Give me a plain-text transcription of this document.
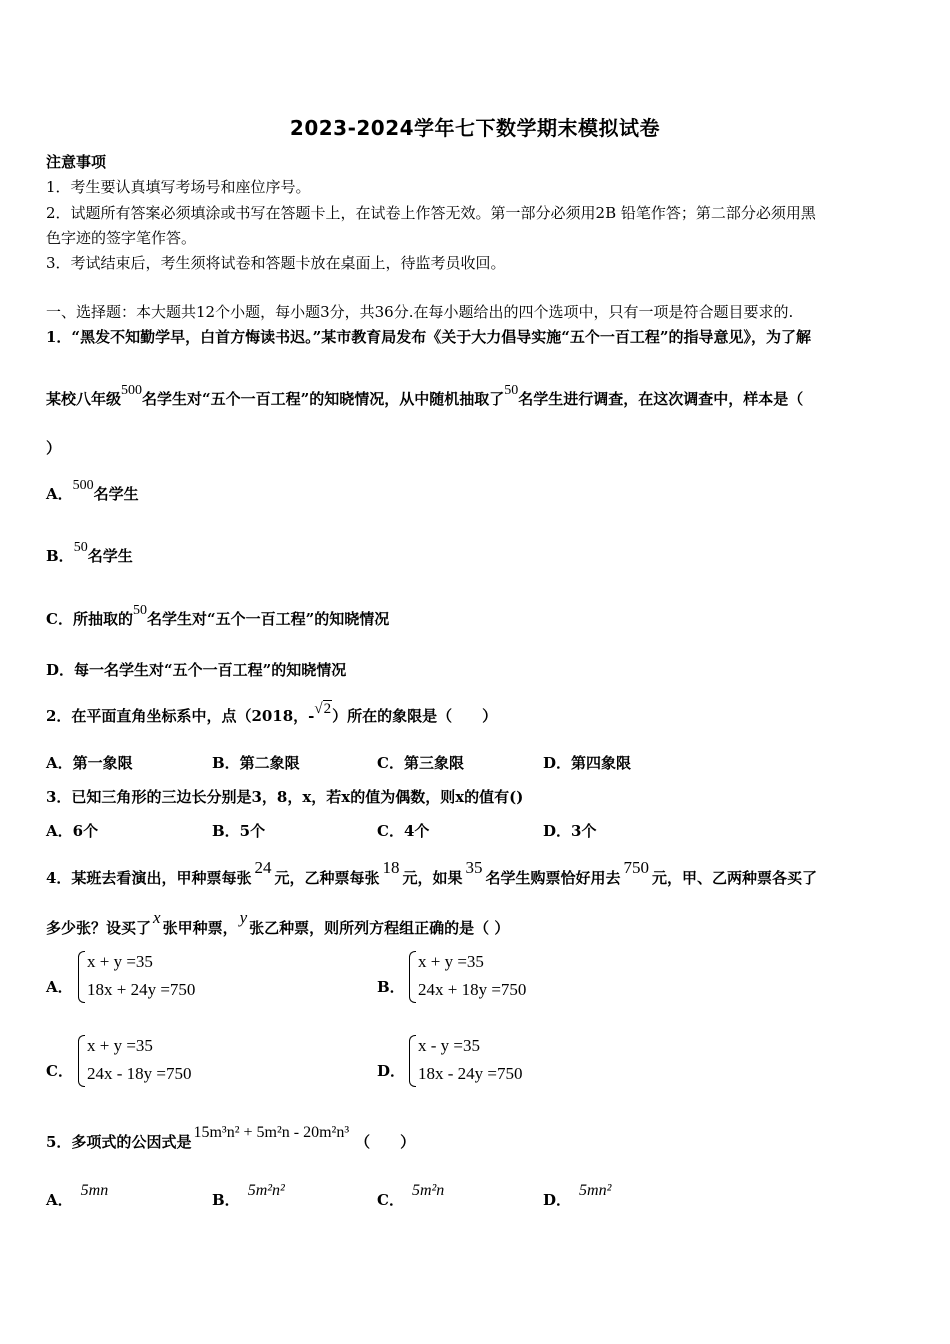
2023-2024学年七下数学期末模拟试卷
注意事项
1．考生要认真填写考场号和座位序号。
2．试题所有答案必须填涂或书写在答题卡上，在试卷上作答无效。第一部分必须用2B 铅笔作答；第二部分必须用黑
色字迹的签字笔作答。
3．考试结束后，考生须将试卷和答题卡放在桌面上，待监考员收回。
一、选择题：本大题共12个小题，每小题3分，共36分.在每小题给出的四个选项中，只有一项是符合题目要求的.
1．“黑发不知勤学早，白首方悔读书迟。”某市教育局发布《关于大力倡导实施“五个一百工程”的指导意见》，为了解
某校八年级500名学生对“五个一百工程”的知晓情况，从中随机抽取了50名学生进行调查，在这次调查中，样本是（
）
A．500名学生
B．50名学生
C．所抽取的50名学生对“五个一百工程”的知晓情况
D．每一名学生对“五个一百工程”的知晓情况
2．在平面直角坐标系中，点（2018，-√2）所在的象限是（　　）
A．第一象限	B．第二象限	C．第三象限	D．第四象限
3．已知三角形的三边长分别是3，8，x，若x的值为偶数，则x的值有()
A．6个	B．5个	C．4个	D．3个
4．某班去看演出，甲种票每张24元，乙种票每张18元，如果35名学生购票恰好用去750元，甲、乙两种票各买了
多少张？设买了x张甲种票，y张乙种票，则所列方程组正确的是（ ）
A．
x + y =35
18x + 24y =750	B．
x + y =35
24x + 18y =750
C．
x + y =35
24x - 18y =750	D．
x - y =35
18x - 24y =750
5．多项式的公因式是15m³n² + 5m²n - 20m²n³（　　）
A．5mn
B．5m²n²
C．5m²n
D．5mn²
